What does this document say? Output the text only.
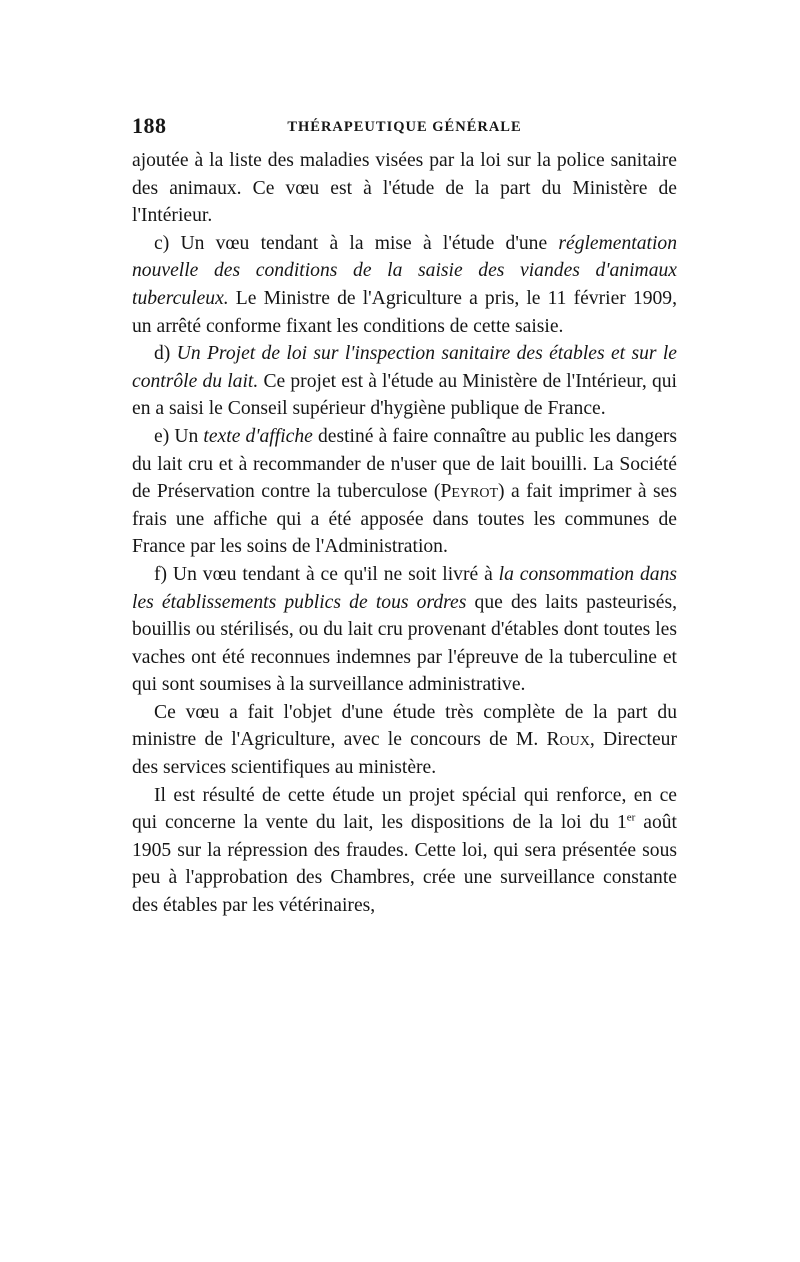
188	THÉRAPEUTIQUE GÉNÉRALE

ajoutée à la liste des maladies visées par la loi sur la police sanitaire des animaux. Ce vœu est à l'étude de la part du Ministère de l'Intérieur.

c) Un vœu tendant à la mise à l'étude d'une réglementation nouvelle des conditions de la saisie des viandes d'animaux tuberculeux. Le Ministre de l'Agriculture a pris, le 11 février 1909, un arrêté conforme fixant les conditions de cette saisie.

d) Un Projet de loi sur l'inspection sanitaire des étables et sur le contrôle du lait. Ce projet est à l'étude au Ministère de l'Intérieur, qui en a saisi le Conseil supérieur d'hygiène publique de France.

e) Un texte d'affiche destiné à faire connaître au public les dangers du lait cru et à recommander de n'user que de lait bouilli. La Société de Préservation contre la tuberculose (Peyrot) a fait imprimer à ses frais une affiche qui a été apposée dans toutes les communes de France par les soins de l'Administration.

f) Un vœu tendant à ce qu'il ne soit livré à la consommation dans les établissements publics de tous ordres que des laits pasteurisés, bouillis ou stérilisés, ou du lait cru provenant d'étables dont toutes les vaches ont été reconnues indemnes par l'épreuve de la tuberculine et qui sont soumises à la surveillance administrative.

Ce vœu a fait l'objet d'une étude très complète de la part du ministre de l'Agriculture, avec le concours de M. Roux, Directeur des services scientifiques au ministère.

Il est résulté de cette étude un projet spécial qui renforce, en ce qui concerne la vente du lait, les dispositions de la loi du 1er août 1905 sur la répression des fraudes. Cette loi, qui sera présentée sous peu à l'approbation des Chambres, crée une surveillance constante des étables par les vétérinaires,
